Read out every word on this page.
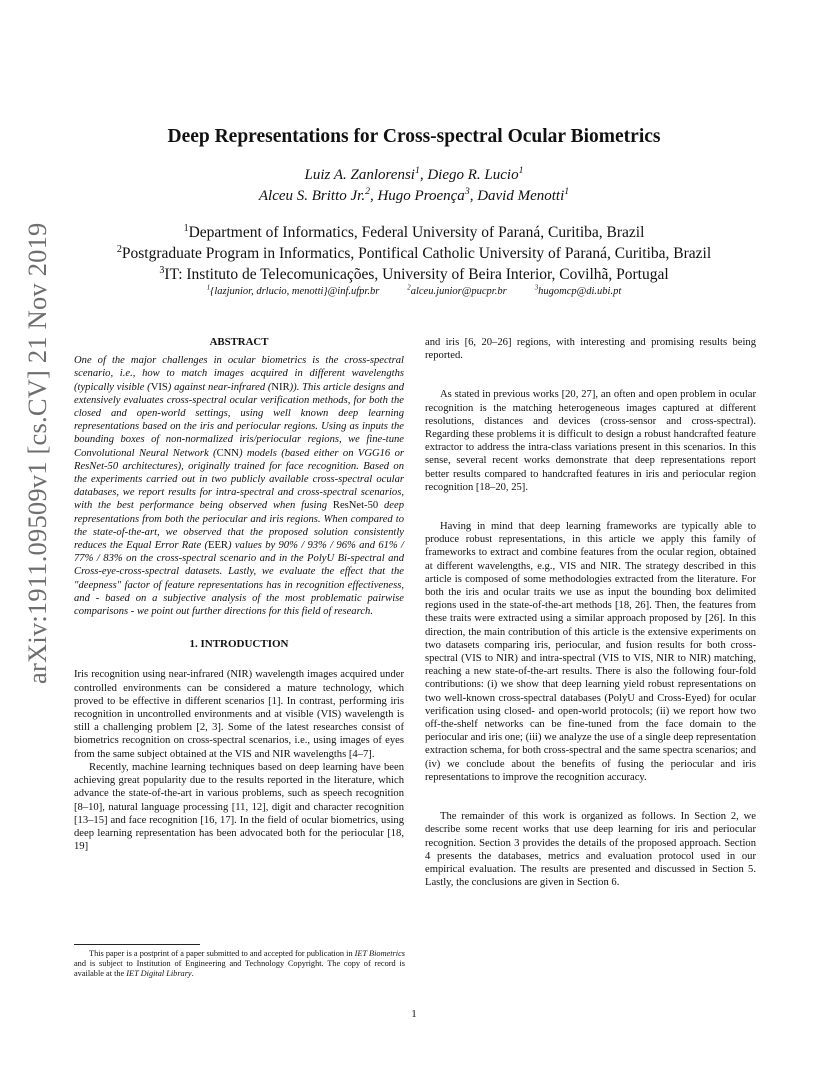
arXiv:1911.09509v1 [cs.CV] 21 Nov 2019
Deep Representations for Cross-spectral Ocular Biometrics
Luiz A. Zanlorensi$^1$, Diego R. Lucio$^1$
Alceu S. Britto Jr.$^2$, Hugo Proença$^3$, David Menotti$^1$
$^1$Department of Informatics, Federal University of Paraná, Curitiba, Brazil
$^2$Postgraduate Program in Informatics, Pontifical Catholic University of Paraná, Curitiba, Brazil
$^3$IT: Instituto de Telecomunicações, University of Beira Interior, Covilhã, Portugal
$^1${lazjunior, drlucio, menotti}@inf.ufpr.br	$^2$alceu.junior@pucpr.br	$^3$hugomcp@di.ubi.pt
ABSTRACT

One of the major challenges in ocular biometrics is the cross-spectral scenario, i.e., how to match images acquired in different wavelengths (typically visible (VIS) against near-infrared (NIR)). This article designs and extensively evaluates cross-spectral ocular verification methods, for both the closed and open-world settings, using well known deep learning representations based on the iris and periocular regions. Using as inputs the bounding boxes of non-normalized iris/periocular regions, we fine-tune Convolutional Neural Network (CNN) models (based either on VGG16 or ResNet-50 architectures), originally trained for face recognition. Based on the experiments carried out in two publicly available cross-spectral ocular databases, we report results for intra-spectral and cross-spectral scenarios, with the best performance being observed when fusing ResNet-50 deep representations from both the periocular and iris regions. When compared to the state-of-the-art, we observed that the proposed solution consistently reduces the Equal Error Rate (EER) values by 90% / 93% / 96% and 61% / 77% / 83% on the cross-spectral scenario and in the PolyU Bi-spectral and Cross-eye-cross-spectral datasets. Lastly, we evaluate the effect that the "deepness" factor of feature representations has in recognition effectiveness, and - based on a subjective analysis of the most problematic pairwise comparisons - we point out further directions for this field of research.

1. INTRODUCTION

Iris recognition using near-infrared (NIR) wavelength images acquired under controlled environments can be considered a mature technology, which proved to be effective in different scenarios [1]. In contrast, performing iris recognition in uncontrolled environments and at visible (VIS) wavelength is still a challenging problem [2, 3]. Some of the latest researches consist of biometrics recognition on cross-spectral scenarios, i.e., using images of eyes from the same subject obtained at the VIS and NIR wavelengths [4–7].

Recently, machine learning techniques based on deep learning have been achieving great popularity due to the results reported in the literature, which advance the state-of-the-art in various problems, such as speech recognition [8–10], natural language processing [11, 12], digit and character recognition [13–15] and face recognition [16, 17]. In the field of ocular biometrics, using deep learning representation has been advocated both for the periocular [18, 19]

and iris [6, 20–26] regions, with interesting and promising results being reported.

As stated in previous works [20, 27], an often and open problem in ocular recognition is the matching heterogeneous images captured at different resolutions, distances and devices (cross-sensor and cross-spectral). Regarding these problems it is difficult to design a robust handcrafted feature extractor to address the intra-class variations present in this scenarios. In this sense, several recent works demonstrate that deep representations report better results compared to handcrafted features in iris and periocular region recognition [18–20, 25].

Having in mind that deep learning frameworks are typically able to produce robust representations, in this article we apply this family of frameworks to extract and combine features from the ocular region, obtained at different wavelengths, e.g., VIS and NIR. The strategy described in this article is composed of some methodologies extracted from the literature. For both the iris and ocular traits we use as input the bounding box delimited regions used in the state-of-the-art methods [18, 26]. Then, the features from these traits were extracted using a similar approach proposed by [26]. In this direction, the main contribution of this article is the extensive experiments on two datasets comparing iris, periocular, and fusion results for both cross-spectral (VIS to NIR) and intra-spectral (VIS to VIS, NIR to NIR) matching, reaching a new state-of-the-art results. There is also the following four-fold contributions: (i) we show that deep learning yield robust representations on two well-known cross-spectral databases (PolyU and Cross-Eyed) for ocular verification using closed- and open-world protocols; (ii) we report how two off-the-shelf networks can be fine-tuned from the face domain to the periocular and iris one; (iii) we analyze the use of a single deep representation extraction schema, for both cross-spectral and the same spectra scenarios; and (iv) we conclude about the benefits of fusing the periocular and iris representations to improve the recognition accuracy.

The remainder of this work is organized as follows. In Section 2, we describe some recent works that use deep learning for iris and periocular recognition. Section 3 provides the details of the proposed approach. Section 4 presents the databases, metrics and evaluation protocol used in our empirical evaluation. The results are presented and discussed in Section 5. Lastly, the conclusions are given in Section 6.

This paper is a postprint of a paper submitted to and accepted for publication in IET Biometrics and is subject to Institution of Engineering and Technology Copyright. The copy of record is available at the IET Digital Library.
1
